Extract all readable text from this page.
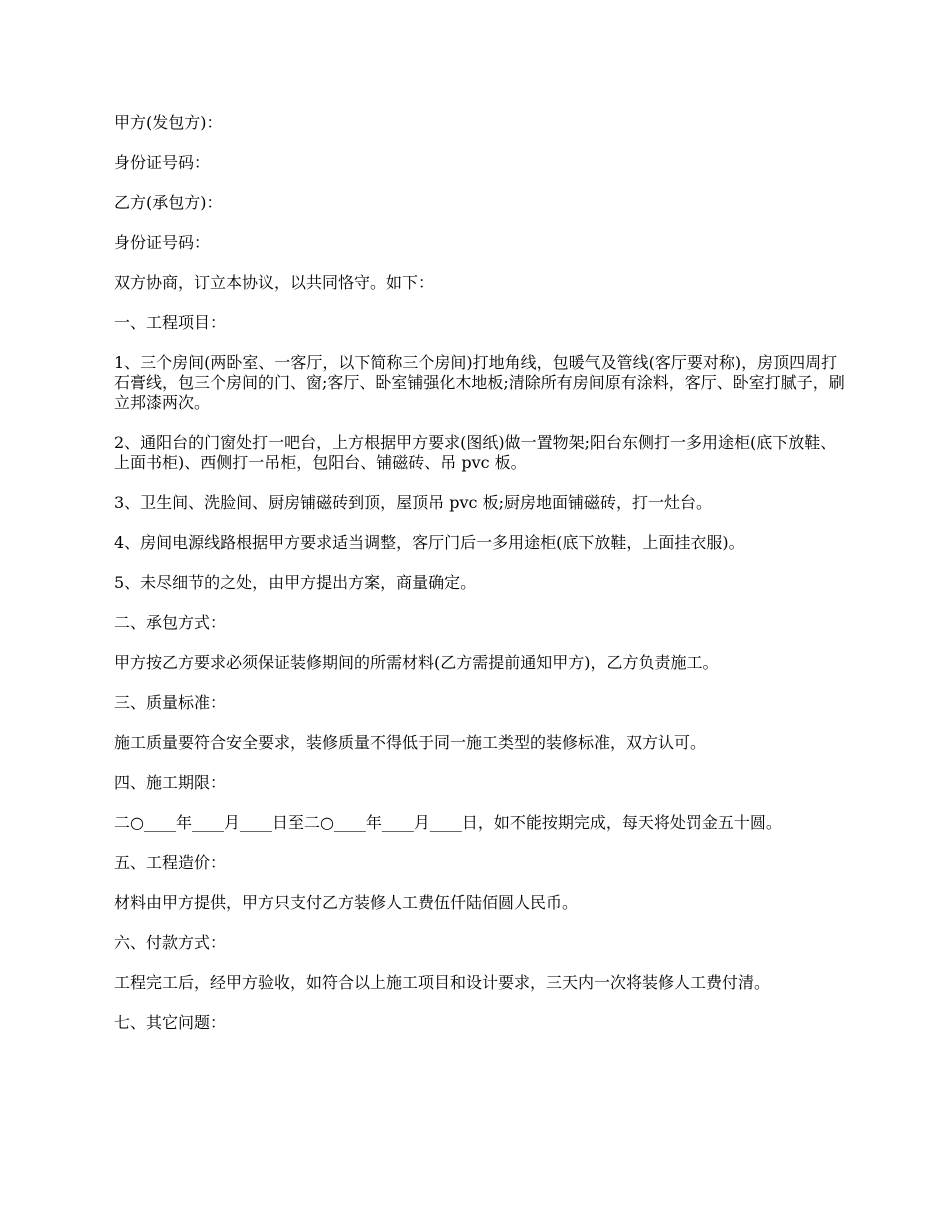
甲方(发包方)：

身份证号码：

乙方(承包方)：

身份证号码：

双方协商，订立本协议，以共同恪守。如下：

一、工程项目：

1、三个房间(两卧室、一客厅，以下简称三个房间)打地角线，包暖气及管线(客厅要对称)，房顶四周打石膏线，包三个房间的门、窗;客厅、卧室铺强化木地板;清除所有房间原有涂料，客厅、卧室打腻子，刷立邦漆两次。

2、通阳台的门窗处打一吧台，上方根据甲方要求(图纸)做一置物架;阳台东侧打一多用途柜(底下放鞋、上面书柜)、西侧打一吊柜，包阳台、铺磁砖、吊 pvc 板。

3、卫生间、洗脸间、厨房铺磁砖到顶，屋顶吊 pvc 板;厨房地面铺磁砖，打一灶台。

4、房间电源线路根据甲方要求适当调整，客厅门后一多用途柜(底下放鞋，上面挂衣服)。

5、未尽细节的之处，由甲方提出方案，商量确定。

二、承包方式：

甲方按乙方要求必须保证装修期间的所需材料(乙方需提前通知甲方)，乙方负责施工。

三、质量标准：

施工质量要符合安全要求，装修质量不得低于同一施工类型的装修标准，双方认可。

四、施工期限：

二○____年____月____日至二○____年____月____日，如不能按期完成，每天将处罚金五十圆。

五、工程造价：

材料由甲方提供，甲方只支付乙方装修人工费伍仟陆佰圆人民币。

六、付款方式：

工程完工后，经甲方验收，如符合以上施工项目和设计要求，三天内一次将装修人工费付清。

七、其它问题：
